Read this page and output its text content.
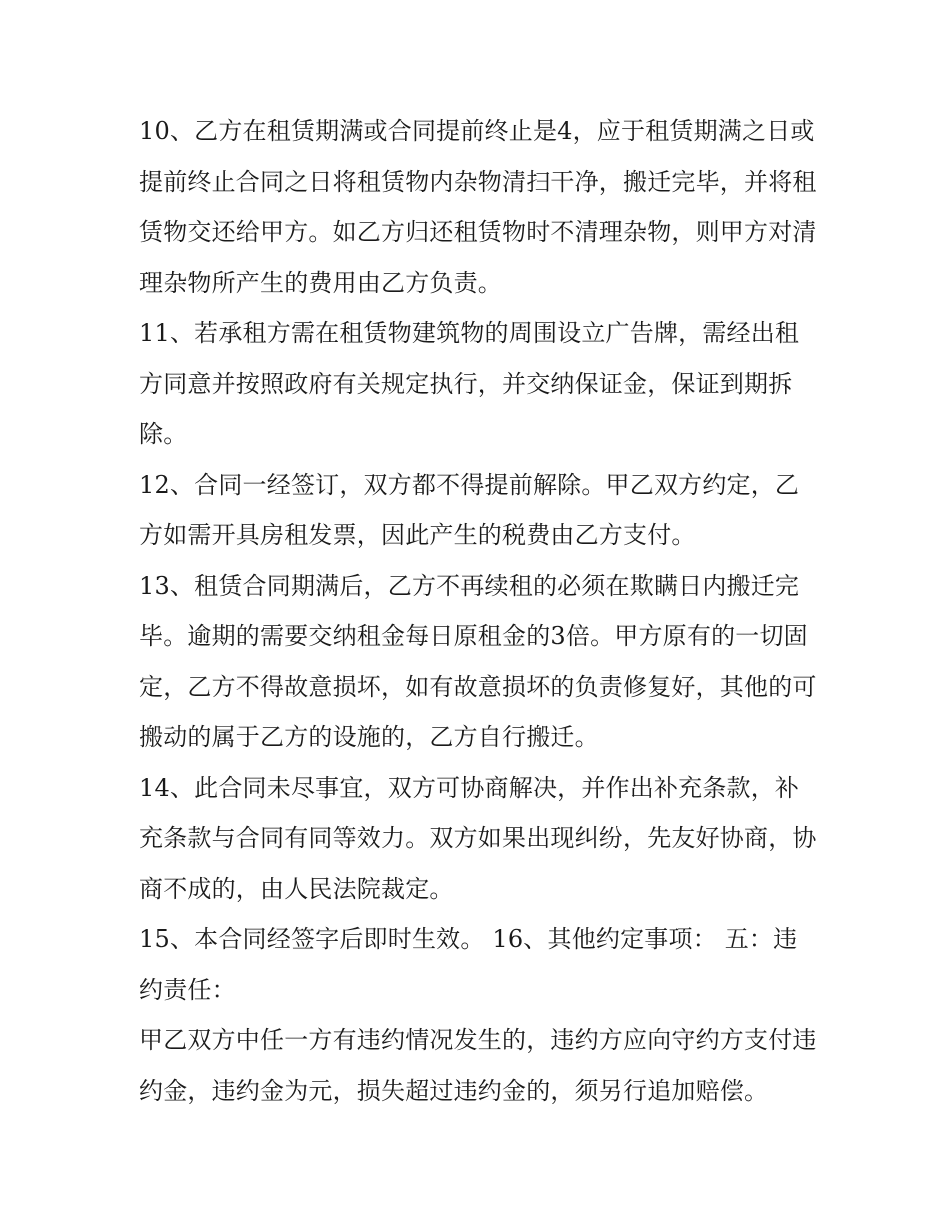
10、乙方在租赁期满或合同提前终止是4，应于租赁期满之日或提前终止合同之日将租赁物内杂物清扫干净，搬迁完毕，并将租赁物交还给甲方。如乙方归还租赁物时不清理杂物，则甲方对清理杂物所产生的费用由乙方负责。

11、若承租方需在租赁物建筑物的周围设立广告牌，需经出租方同意并按照政府有关规定执行，并交纳保证金，保证到期拆除。

12、合同一经签订，双方都不得提前解除。甲乙双方约定，乙方如需开具房租发票，因此产生的税费由乙方支付。

13、租赁合同期满后，乙方不再续租的必须在欺瞒日内搬迁完毕。逾期的需要交纳租金每日原租金的3倍。甲方原有的一切固定，乙方不得故意损坏，如有故意损坏的负责修复好，其他的可搬动的属于乙方的设施的，乙方自行搬迁。

14、此合同未尽事宜，双方可协商解决，并作出补充条款，补充条款与合同有同等效力。双方如果出现纠纷，先友好协商，协商不成的，由人民法院裁定。

15、本合同经签字后即时生效。 16、其他约定事项： 五：违约责任：

甲乙双方中任一方有违约情况发生的，违约方应向守约方支付违约金，违约金为元，损失超过违约金的，须另行追加赔偿。
